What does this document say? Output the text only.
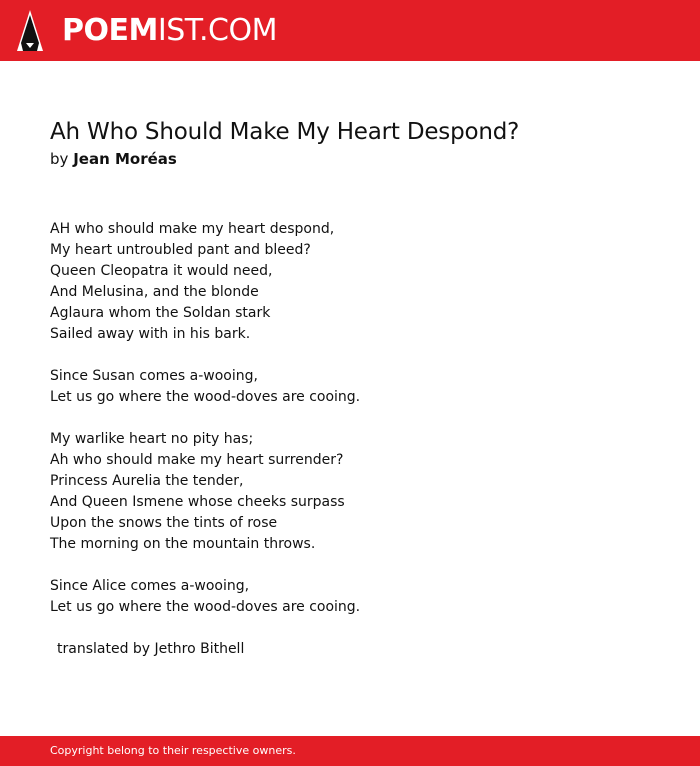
POEMIST.COM
Ah Who Should Make My Heart Despond?
by Jean Moréas
AH who should make my heart despond,
My heart untroubled pant and bleed?
Queen Cleopatra it would need,
And Melusina, and the blonde
Aglaura whom the Soldan stark
Sailed away with in his bark.
Since Susan comes a-wooing,
Let us go where the wood-doves are cooing.
My warlike heart no pity has;
Ah who should make my heart surrender?
Princess Aurelia the tender,
And Queen Ismene whose cheeks surpass
Upon the snows the tints of rose
The morning on the mountain throws.
Since Alice comes a-wooing,
Let us go where the wood-doves are cooing.
translated by Jethro Bithell
Copyright belong to their respective owners.
